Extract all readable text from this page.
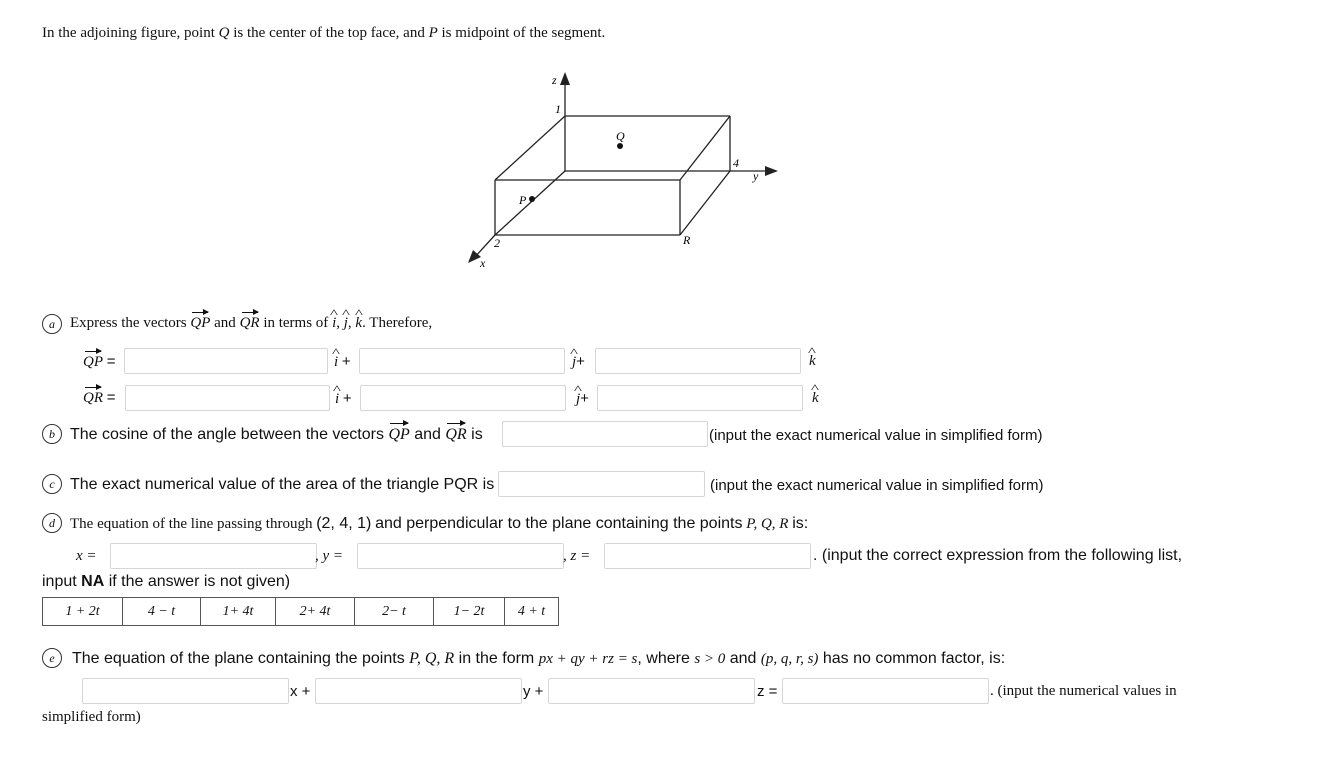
In the adjoining figure, point Q is the center of the top face, and P is midpoint of the segment.
z
1
4
y
2
x
Q
P
R
a	Express the vectors QP and QR in terms of ^ i, ^ j, ^ k. Therefore,
QP =	^ i +	^ j+	^ k
QR =	^ i +	^ j+	^ k
b The cosine of the angle between the vectors QP and QR is	(input the exact numerical value in simplified form)
c The exact numerical value of the area of the triangle PQR is	(input the exact numerical value in simplified form)
d	The equation of the line passing through (2, 4, 1) and perpendicular to the plane containing the points P, Q, R is:
x =	, y =	, z =	. (input the correct expression from the following list,
input NA if the answer is not given)
1 + 2t	4 − t	1+ 4t	2+ 4t	2− t	1− 2t	4 + t
e	The equation of the plane containing the points P, Q, R in the form px + qy + rz = s, where s > 0 and (p, q, r, s) has no common factor, is:
x +	y +	z =	. (input the numerical values in
simplified form)
